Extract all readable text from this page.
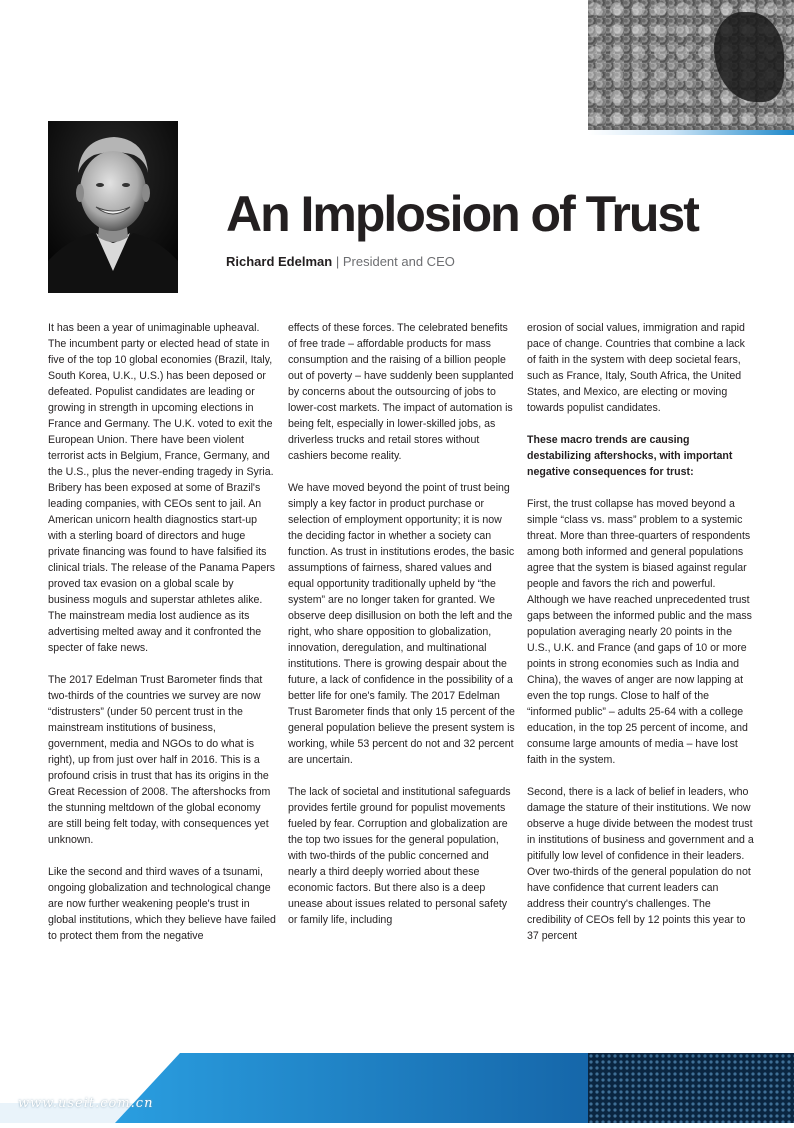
An Implosion of Trust
Richard Edelman | President and CEO

It has been a year of unimaginable upheaval. The incumbent party or elected head of state in five of the top 10 global economies (Brazil, Italy, South Korea, U.K., U.S.) has been deposed or defeated. Populist candidates are leading or growing in strength in upcoming elections in France and Germany. The U.K. voted to exit the European Union. There have been violent terrorist acts in Belgium, France, Germany, and the U.S., plus the never-ending tragedy in Syria. Bribery has been exposed at some of Brazil's leading companies, with CEOs sent to jail. An American unicorn health diagnostics start-up with a sterling board of directors and huge private financing was found to have falsified its clinical trials. The release of the Panama Papers proved tax evasion on a global scale by business moguls and superstar athletes alike. The mainstream media lost audience as its advertising melted away and it confronted the specter of fake news.

The 2017 Edelman Trust Barometer finds that two-thirds of the countries we survey are now “distrusters” (under 50 percent trust in the mainstream institutions of business, government, media and NGOs to do what is right), up from just over half in 2016. This is a profound crisis in trust that has its origins in the Great Recession of 2008. The aftershocks from the stunning meltdown of the global economy are still being felt today, with consequences yet unknown.

Like the second and third waves of a tsunami, ongoing globalization and technological change are now further weakening people's trust in global institutions, which they believe have failed to protect them from the negative

effects of these forces. The celebrated benefits of free trade – affordable products for mass consumption and the raising of a billion people out of poverty – have suddenly been supplanted by concerns about the outsourcing of jobs to lower-cost markets. The impact of automation is being felt, especially in lower-skilled jobs, as driverless trucks and retail stores without cashiers become reality.

We have moved beyond the point of trust being simply a key factor in product purchase or selection of employment opportunity; it is now the deciding factor in whether a society can function. As trust in institutions erodes, the basic assumptions of fairness, shared values and equal opportunity traditionally upheld by “the system” are no longer taken for granted. We observe deep disillusion on both the left and the right, who share opposition to globalization, innovation, deregulation, and multinational institutions. There is growing despair about the future, a lack of confidence in the possibility of a better life for one's family. The 2017 Edelman Trust Barometer finds that only 15 percent of the general population believe the present system is working, while 53 percent do not and 32 percent are uncertain.

The lack of societal and institutional safeguards provides fertile ground for populist movements fueled by fear. Corruption and globalization are the top two issues for the general population, with two-thirds of the public concerned and nearly a third deeply worried about these economic factors. But there also is a deep unease about issues related to personal safety or family life, including

erosion of social values, immigration and rapid pace of change. Countries that combine a lack of faith in the system with deep societal fears, such as France, Italy, South Africa, the United States, and Mexico, are electing or moving towards populist candidates.

These macro trends are causing destabilizing aftershocks, with important negative consequences for trust:

First, the trust collapse has moved beyond a simple “class vs. mass” problem to a systemic threat. More than three-quarters of respondents among both informed and general populations agree that the system is biased against regular people and favors the rich and powerful. Although we have reached unprecedented trust gaps between the informed public and the mass population averaging nearly 20 points in the U.S., U.K. and France (and gaps of 10 or more points in strong economies such as India and China), the waves of anger are now lapping at even the top rungs. Close to half of the “informed public” – adults 25-64 with a college education, in the top 25 percent of income, and consume large amounts of media – have lost faith in the system.

Second, there is a lack of belief in leaders, who damage the stature of their institutions. We now observe a huge divide between the modest trust in institutions of business and government and a pitifully low level of confidence in their leaders. Over two-thirds of the general population do not have confidence that current leaders can address their country's challenges. The credibility of CEOs fell by 12 points this year to 37 percent

www.useit.com.cn
